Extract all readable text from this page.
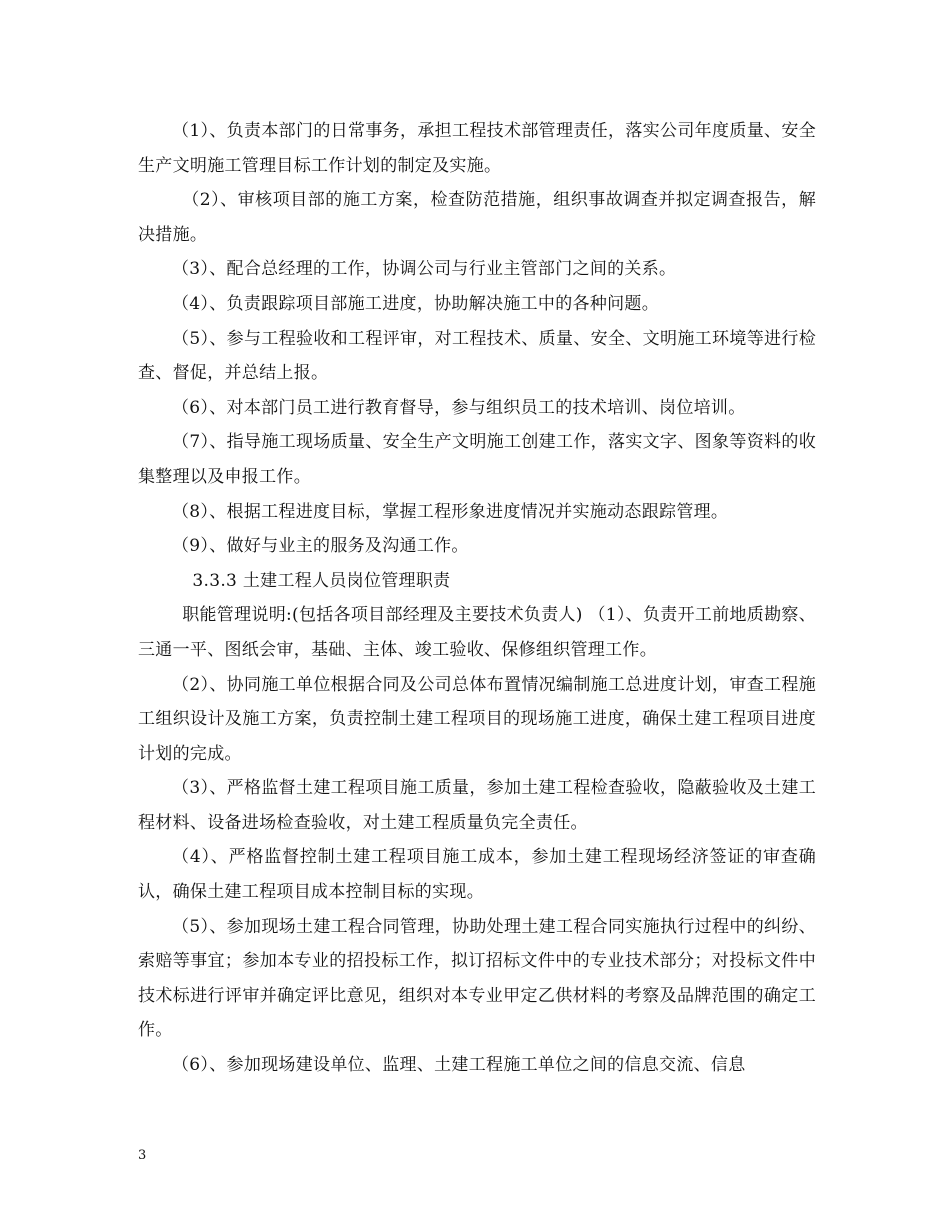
（1）、负责本部门的日常事务，承担工程技术部管理责任，落实公司年度质量、安全生产文明施工管理目标工作计划的制定及实施。

（2）、审核项目部的施工方案，检查防范措施，组织事故调查并拟定调查报告，解决措施。

（3）、配合总经理的工作，协调公司与行业主管部门之间的关系。

（4）、负责跟踪项目部施工进度，协助解决施工中的各种问题。

（5）、参与工程验收和工程评审，对工程技术、质量、安全、文明施工环境等进行检查、督促，并总结上报。

（6）、对本部门员工进行教育督导，参与组织员工的技术培训、岗位培训。

（7）、指导施工现场质量、安全生产文明施工创建工作，落实文字、图象等资料的收集整理以及申报工作。

（8）、根据工程进度目标，掌握工程形象进度情况并实施动态跟踪管理。

（9）、做好与业主的服务及沟通工作。

3.3.3 土建工程人员岗位管理职责

职能管理说明:(包括各项目部经理及主要技术负责人) （1）、负责开工前地质勘察、三通一平、图纸会审，基础、主体、竣工验收、保修组织管理工作。

（2）、协同施工单位根据合同及公司总体布置情况编制施工总进度计划，审查工程施工组织设计及施工方案，负责控制土建工程项目的现场施工进度，确保土建工程项目进度计划的完成。

（3）、严格监督土建工程项目施工质量，参加土建工程检查验收，隐蔽验收及土建工程材料、设备进场检查验收，对土建工程质量负完全责任。

（4）、严格监督控制土建工程项目施工成本，参加土建工程现场经济签证的审查确认，确保土建工程项目成本控制目标的实现。

（5）、参加现场土建工程合同管理，协助处理土建工程合同实施执行过程中的纠纷、索赔等事宜；参加本专业的招投标工作，拟订招标文件中的专业技术部分；对投标文件中技术标进行评审并确定评比意见，组织对本专业甲定乙供材料的考察及品牌范围的确定工作。

（6）、参加现场建设单位、监理、土建工程施工单位之间的信息交流、信息

3
